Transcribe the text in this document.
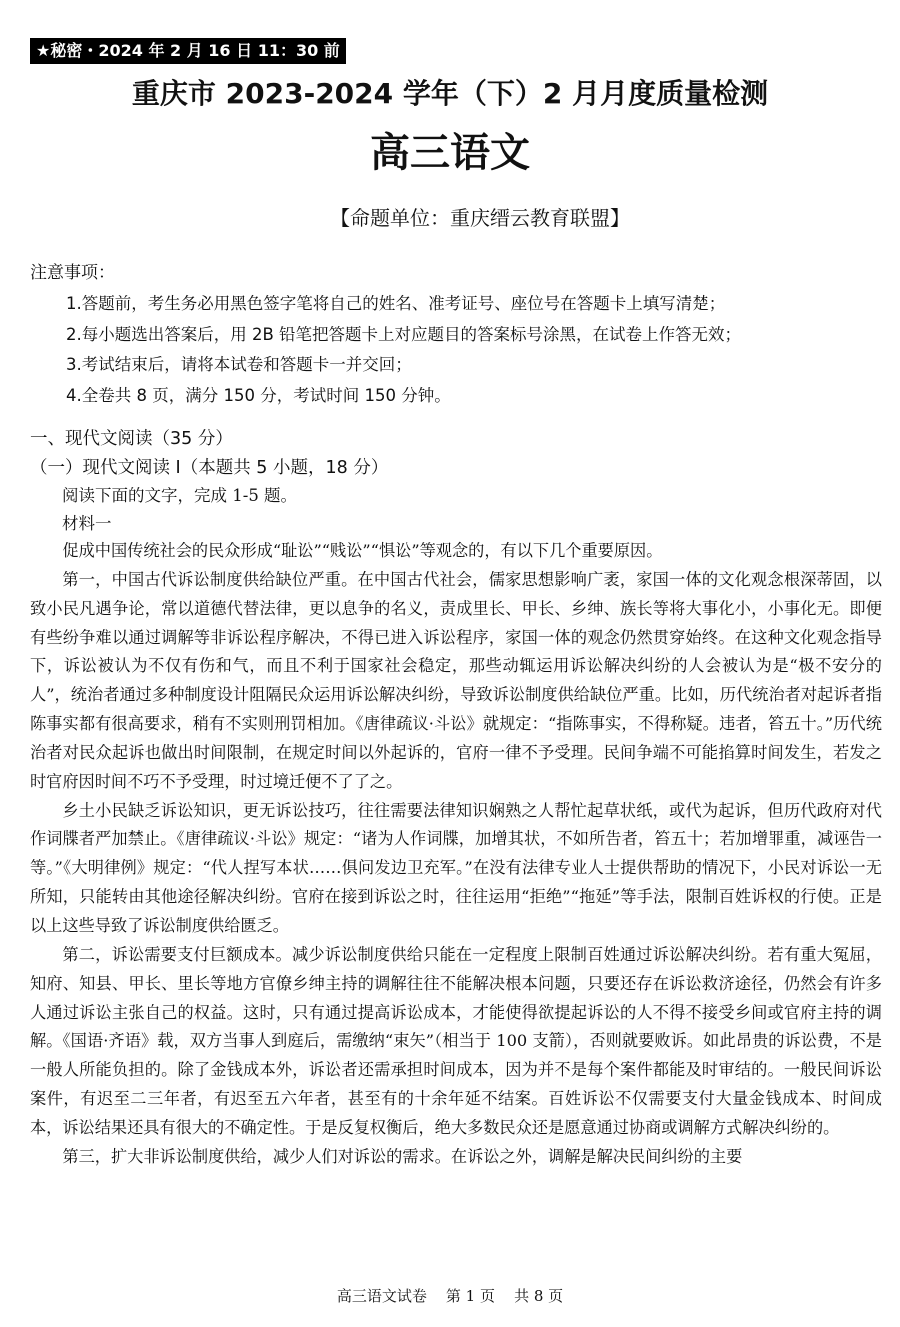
★秘密・2024 年 2 月 16 日 11：30 前
重庆市 2023-2024 学年（下）2 月月度质量检测
高三语文
【命题单位：重庆缙云教育联盟】
注意事项：
1.答题前，考生务必用黑色签字笔将自己的姓名、准考证号、座位号在答题卡上填写清楚；
2.每小题选出答案后，用 2B 铅笔把答题卡上对应题目的答案标号涂黑，在试卷上作答无效；
3.考试结束后，请将本试卷和答题卡一并交回；
4.全卷共 8 页，满分 150 分，考试时间 150 分钟。
一、现代文阅读（35 分）
（一）现代文阅读 I（本题共 5 小题，18 分）
阅读下面的文字，完成 1-5 题。
材料一

促成中国传统社会的民众形成“耻讼”“贱讼”“惧讼”等观念的，有以下几个重要原因。

第一，中国古代诉讼制度供给缺位严重。在中国古代社会，儒家思想影响广袤，家国一体的文化观念根深蒂固，以致小民凡遇争论，常以道德代替法律，更以息争的名义，责成里长、甲长、乡绅、族长等将大事化小，小事化无。即便有些纷争难以通过调解等非诉讼程序解决，不得已进入诉讼程序，家国一体的观念仍然贯穿始终。在这种文化观念指导下，诉讼被认为不仅有伤和气，而且不利于国家社会稳定，那些动辄运用诉讼解决纠纷的人会被认为是“极不安分的人”，统治者通过多种制度设计阻隔民众运用诉讼解决纠纷，导致诉讼制度供给缺位严重。比如，历代统治者对起诉者指陈事实都有很高要求，稍有不实则刑罚相加。《唐律疏议·斗讼》就规定：“指陈事实，不得称疑。违者，笞五十。”历代统治者对民众起诉也做出时间限制，在规定时间以外起诉的，官府一律不予受理。民间争端不可能掐算时间发生，若发之时官府因时间不巧不予受理，时过境迁便不了了之。

乡土小民缺乏诉讼知识，更无诉讼技巧，往往需要法律知识娴熟之人帮忙起草状纸，或代为起诉，但历代政府对代作词牒者严加禁止。《唐律疏议·斗讼》规定：“诸为人作词牒，加增其状，不如所告者，笞五十；若加增罪重，减诬告一等。”《大明律例》规定：“代人捏写本状……俱问发边卫充军。”在没有法律专业人士提供帮助的情况下，小民对诉讼一无所知，只能转由其他途径解决纠纷。官府在接到诉讼之时，往往运用“拒绝”“拖延”等手法，限制百姓诉权的行使。正是以上这些导致了诉讼制度供给匮乏。

第二，诉讼需要支付巨额成本。减少诉讼制度供给只能在一定程度上限制百姓通过诉讼解决纠纷。若有重大冤屈，知府、知县、甲长、里长等地方官僚乡绅主持的调解往往不能解决根本问题，只要还存在诉讼救济途径，仍然会有许多人通过诉讼主张自己的权益。这时，只有通过提高诉讼成本，才能使得欲提起诉讼的人不得不接受乡间或官府主持的调解。《国语·齐语》载，双方当事人到庭后，需缴纳“束矢”（相当于 100 支箭），否则就要败诉。如此昂贵的诉讼费，不是一般人所能负担的。除了金钱成本外，诉讼者还需承担时间成本，因为并不是每个案件都能及时审结的。一般民间诉讼案件，有迟至二三年者，有迟至五六年者，甚至有的十余年延不结案。百姓诉讼不仅需要支付大量金钱成本、时间成本，诉讼结果还具有很大的不确定性。于是反复权衡后，绝大多数民众还是愿意通过协商或调解方式解决纠纷的。

第三，扩大非诉讼制度供给，减少人们对诉讼的需求。在诉讼之外，调解是解决民间纠纷的主要

高三语文试卷    第 1 页    共 8 页
